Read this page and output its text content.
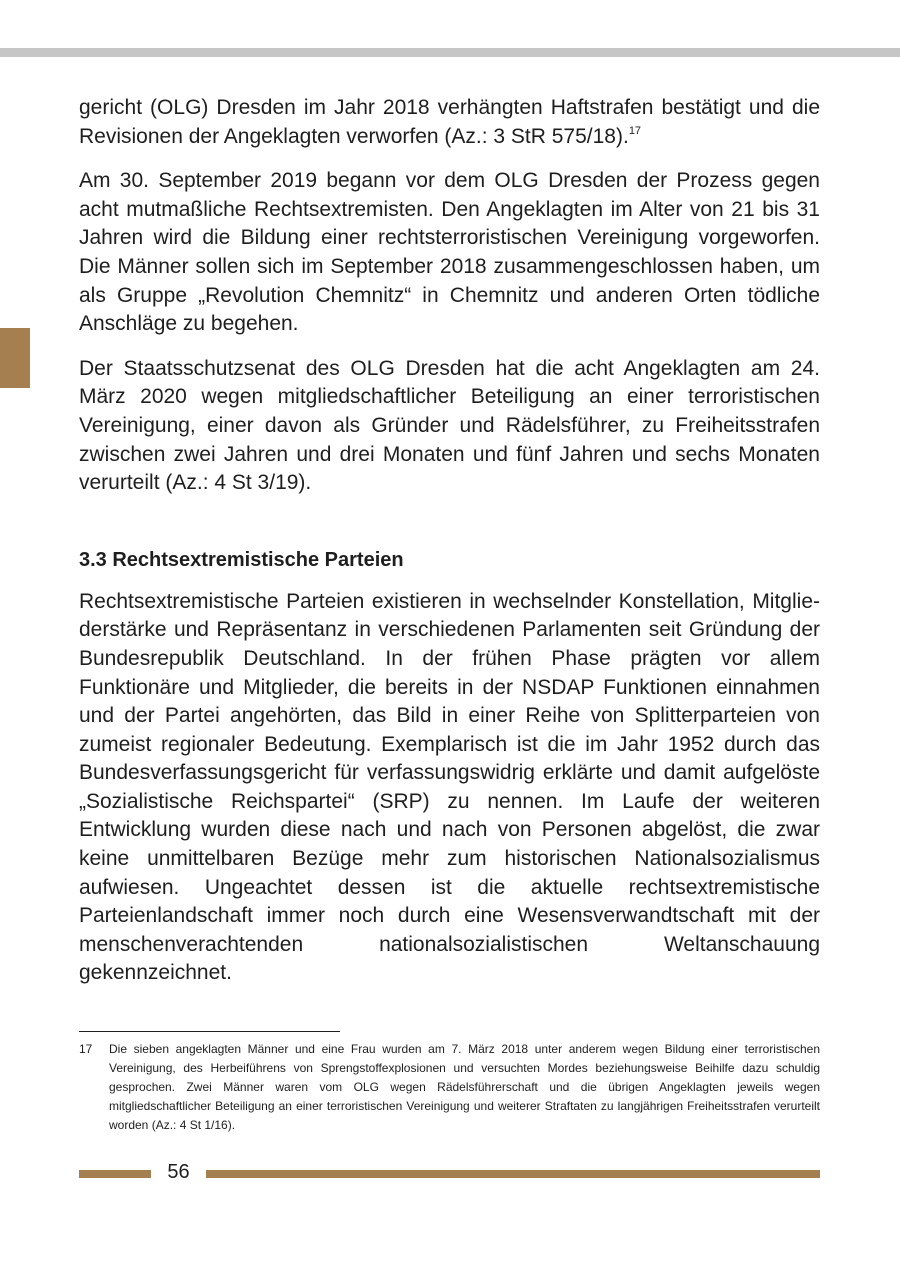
gericht (OLG) Dresden im Jahr 2018 verhängten Haftstrafen bestätigt und die Revisionen der Angeklagten verworfen (Az.: 3 StR 575/18).$^{17}$

Am 30. September 2019 begann vor dem OLG Dresden der Prozess gegen acht mutmaßliche Rechtsextremisten. Den Angeklagten im Alter von 21 bis 31 Jahren wird die Bildung einer rechtsterroristischen Vereinigung vorgeworfen. Die Männer sollen sich im September 2018 zusammengeschlossen haben, um als Gruppe „Revolution Chemnitz“ in Chemnitz und anderen Orten tödliche Anschläge zu begehen.

Der Staatsschutzsenat des OLG Dresden hat die acht Angeklagten am 24. März 2020 wegen mitgliedschaftlicher Beteiligung an einer terroristischen Vereinigung, einer davon als Gründer und Rädelsführer, zu Freiheitsstrafen zwischen zwei Jahren und drei Monaten und fünf Jahren und sechs Monaten verurteilt (Az.: 4 St 3/19).

3.3 Rechtsextremistische Parteien

Rechtsextremistische Parteien existieren in wechselnder Konstellation, Mitgliederstärke und Repräsentanz in verschiedenen Parlamenten seit Gründung der Bundesrepublik Deutschland. In der frühen Phase prägten vor allem Funktionäre und Mitglieder, die bereits in der NSDAP Funktionen einnahmen und der Partei angehörten, das Bild in einer Reihe von Splitterparteien von zumeist regionaler Bedeutung. Exemplarisch ist die im Jahr 1952 durch das Bundesverfassungsgericht für verfassungswidrig erklärte und damit aufgelöste „Sozialistische Reichspartei“ (SRP) zu nennen. Im Laufe der weiteren Entwicklung wurden diese nach und nach von Personen abgelöst, die zwar keine unmittelbaren Bezüge mehr zum historischen Nationalsozialismus aufwiesen. Ungeachtet dessen ist die aktuelle rechtsextremistische Parteienlandschaft immer noch durch eine Wesensverwandtschaft mit der menschenverachtenden nationalsozialistischen Weltanschauung gekennzeichnet.

17	Die sieben angeklagten Männer und eine Frau wurden am 7. März 2018 unter anderem wegen Bildung einer terroristischen Vereinigung, des Herbeiführens von Sprengstoffexplosionen und versuchten Mordes beziehungsweise Beihilfe dazu schuldig gesprochen. Zwei Männer waren vom OLG wegen Rädelsführerschaft und die übrigen Angeklagten jeweils wegen mitgliedschaftlicher Beteiligung an einer terroristischen Vereinigung und weiterer Straftaten zu langjährigen Freiheitsstrafen verurteilt worden (Az.: 4 St 1/16).
56
